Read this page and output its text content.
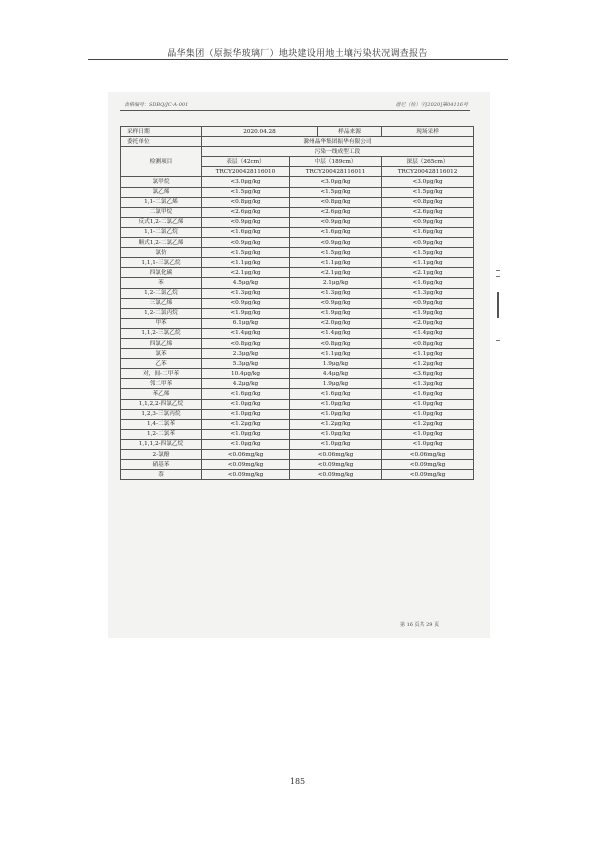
晶华集团（原振华玻璃厂）地块建设用地土壤污染状况调查报告
表格编号：SDBQ/JC-A-001	谱尼（检）字[2020]第04116号
采样日期	2020.04.28		样品来源	现场采样
委托单位	滁州晶华集团振华有限公司			
检测项目	污染一线成型工段			
	表层（42cm）	中层（189cm）		深层（265cm）
	TRCY200428116010	TRCY200428116011		TRCY200428116012
氯甲烷	<3.0μg/kg	<3.0μg/kg		<3.0μg/kg
氯乙烯	<1.5μg/kg	<1.5μg/kg		<1.5μg/kg
1,1-二氯乙烯	<0.8μg/kg	<0.8μg/kg		<0.8μg/kg
二氯甲烷	<2.6μg/kg	<2.6μg/kg		<2.6μg/kg
反式1,2-二氯乙烯	<0.9μg/kg	<0.9μg/kg		<0.9μg/kg
1,1-二氯乙烷	<1.6μg/kg	<1.6μg/kg		<1.6μg/kg
顺式1,2-二氯乙烯	<0.9μg/kg	<0.9μg/kg		<0.9μg/kg
氯仿	<1.5μg/kg	<1.5μg/kg		<1.5μg/kg
1,1,1-三氯乙烷	<1.1μg/kg	<1.1μg/kg		<1.1μg/kg
四氯化碳	<2.1μg/kg	<2.1μg/kg		<2.1μg/kg
苯	4.5μg/kg	2.1μg/kg		<1.6μg/kg
1,2-二氯乙烷	<1.3μg/kg	<1.3μg/kg		<1.3μg/kg
三氯乙烯	<0.9μg/kg	<0.9μg/kg		<0.9μg/kg
1,2-二氯丙烷	<1.9μg/kg	<1.9μg/kg		<1.9μg/kg
甲苯	6.1μg/kg	<2.0μg/kg		<2.0μg/kg
1,1,2-三氯乙烷	<1.4μg/kg	<1.4μg/kg		<1.4μg/kg
四氯乙烯	<0.8μg/kg	<0.8μg/kg		<0.8μg/kg
氯苯	2.3μg/kg	<1.1μg/kg		<1.1μg/kg
乙苯	5.3μg/kg	1.9μg/kg		<1.2μg/kg
对，间-二甲苯	10.4μg/kg	4.4μg/kg		<3.6μg/kg
邻二甲苯	4.2μg/kg	1.9μg/kg		<1.3μg/kg
苯乙烯	<1.6μg/kg	<1.6μg/kg		<1.6μg/kg
1,1,2,2-四氯乙烷	<1.0μg/kg	<1.0μg/kg		<1.0μg/kg
1,2,3-三氯丙烷	<1.0μg/kg	<1.0μg/kg		<1.0μg/kg
1,4-二氯苯	<1.2μg/kg	<1.2μg/kg		<1.2μg/kg
1,2-二氯苯	<1.0μg/kg	<1.0μg/kg		<1.0μg/kg
1,1,1,2-四氯乙烷	<1.0μg/kg	<1.0μg/kg		<1.0μg/kg
2-氯酚	<0.06mg/kg	<0.06mg/kg		<0.06mg/kg
硝基苯	<0.09mg/kg	<0.09mg/kg		<0.09mg/kg
萘	<0.09mg/kg	<0.09mg/kg		<0.09mg/kg
第 16 页共 29 页
185
